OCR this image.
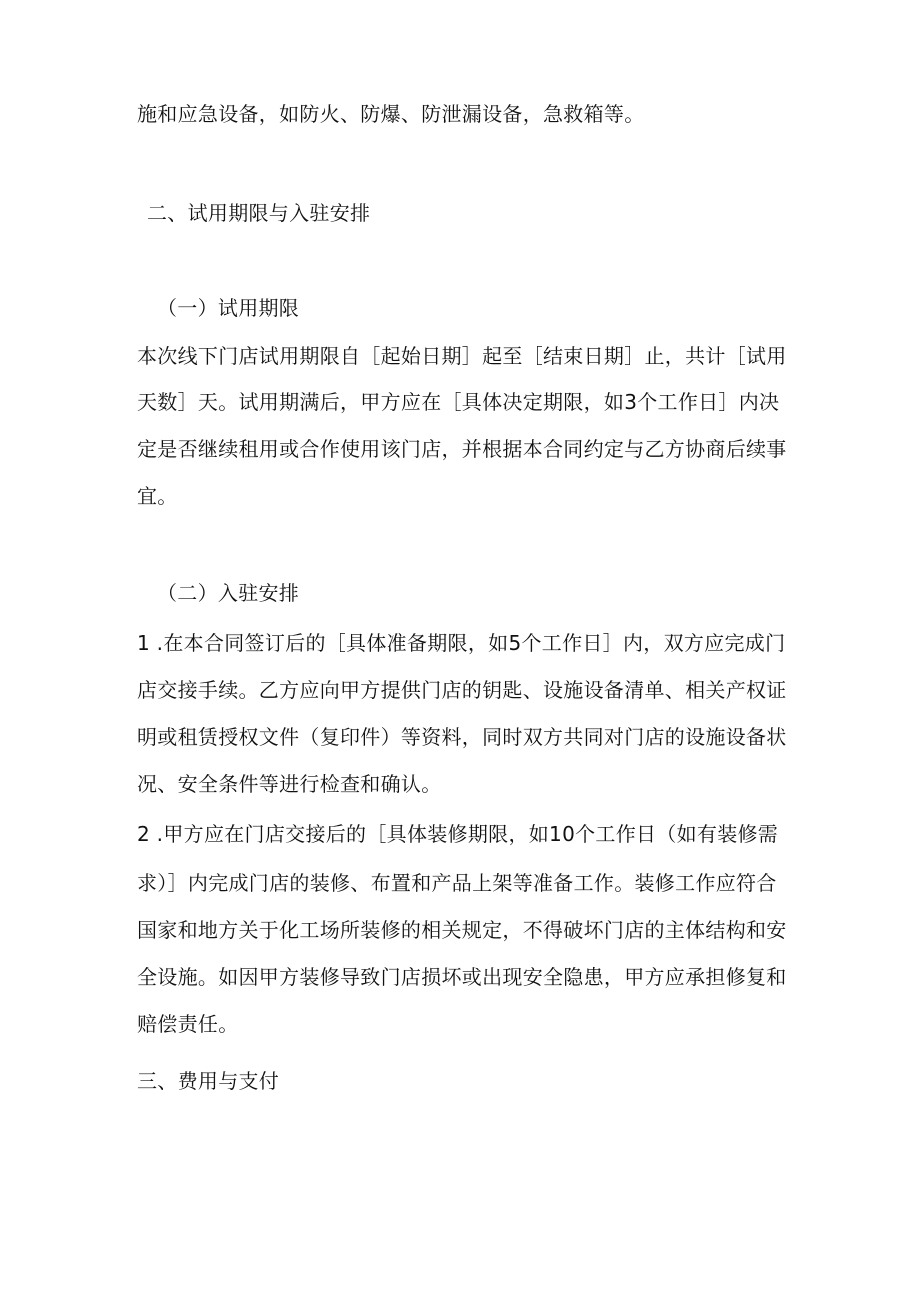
施和应急设备，如防火、防爆、防泄漏设备，急救箱等。
二、试用期限与入驻安排
（一）试用期限
本次线下门店试用期限自［起始日期］起至［结束日期］止，共计［试用
天数］天。试用期满后，甲方应在［具体决定期限，如3个工作日］内决
定是否继续租用或合作使用该门店，并根据本合同约定与乙方协商后续事
宜。
（二）入驻安排
1 .在本合同签订后的［具体准备期限，如5个工作日］内，双方应完成门
店交接手续。乙方应向甲方提供门店的钥匙、设施设备清单、相关产权证
明或租赁授权文件（复印件）等资料，同时双方共同对门店的设施设备状
况、安全条件等进行检查和确认。
2 .甲方应在门店交接后的［具体装修期限，如10个工作日（如有装修需
求）］内完成门店的装修、布置和产品上架等准备工作。装修工作应符合
国家和地方关于化工场所装修的相关规定，不得破坏门店的主体结构和安
全设施。如因甲方装修导致门店损坏或出现安全隐患，甲方应承担修复和
赔偿责任。
三、费用与支付
